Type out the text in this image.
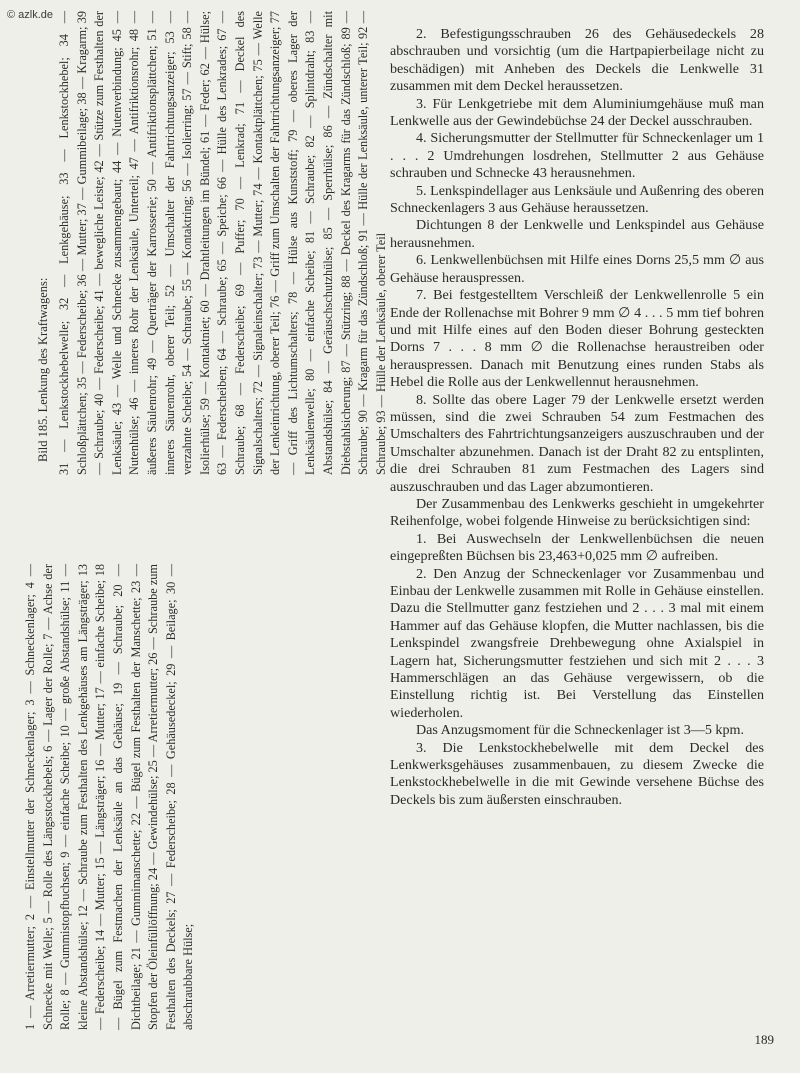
© azlk.de
1 — Arretiermutter; 2 — Einstellmutter der Schneckenlager; 3 — Schneckenlager; 4 — Schnecke mit Welle; 5 — Rolle des Längsstockhebels; 6 — Lager der Rolle; 7 — Achse der Rolle; 8 — Gummistopfbuchsen; 9 — einfache Scheibe; 10 — große Abstandshülse; 11 — kleine Abstandshülse; 12 — Schraube zum Festhalten des Lenkgehäuses am Längsträger; 13 — Federscheibe; 14 — Mutter; 15 — Längsträger; 16 — Mutter; 17 — einfache Scheibe; 18 — Bügel zum Festmachen der Lenksäule an das Gehäuse; 19 — Schraube; 20 — Dichtbeilage; 21 — Gummimanschette; 22 — Bügel zum Festhalten der Manschette; 23 — Stopfen der Öleinfüllöffnung; 24 — Gewindehülse; 25 — Arretiermutter; 26 — Schraube zum Festhalten des Deckels; 27 — Federscheibe; 28 — Gehäusedeckel; 29 — Beilage; 30 — abschraubbare Hülse;
Bild 185. Lenkung des Kraftwagens: 31 — Lenkstockhebelwelle; 32 — Lenkgehäuse; 33 — Lenkstockhebel; 34 — Schloßplättchen; 35 — Federscheibe; 36 — Mutter; 37 — Gummibeilage; 38 — Kragarm; 39 — Schraube; 40 — Federscheibe; 41 — bewegliche Leiste; 42 — Stütze zum Festhalten der Lenksäule; 43 — Welle und Schnecke zusammengebaut; 44 — Nutenverbindung; 45 — Nutenhülse; 46 — inneres Rohr der Lenksäule, Unterteil; 47 — Antifriktionsrohr; 48 — äußeres Säulenrohr; 49 — Querträger der Karrosserie; 50 — Antifriktionsplättchen; 51 — inneres Säurenrohr, oberer Teil; 52 — Umschalter der Fahrtrichtungsanzeiger; 53 — verzahnte Scheibe; 54 — Schraube; 55 — Kontaktring; 56 — Isolierring; 57 — Stift; 58 — Isolierhülse; 59 — Kontaktniet; 60 — Drahtleitungen im Bündel; 61 — Feder; 62 — Hülse; 63 — Federscheiben; 64 — Schraube; 65 — Speiche; 66 — Hülle des Lenkrades; 67 — Schraube; 68 — Federscheibe; 69 — Puffer; 70 — Lenkrad; 71 — Deckel des Signalschalters; 72 — Signaleinschalter; 73 — Mutter; 74 — Kontaktplättchen; 75 — Welle der Lenkeinrichtung, oberer Teil; 76 — Griff zum Umschalten der Fahrtrichtungsanzeiger; 77 — Griff des Lichtumschalters; 78 — Hülse aus Kunststoff; 79 — oberes Lager der Lenksäulenwelle; 80 — einfache Scheibe; 81 — Schraube; 82 — Splintdraht; 83 — Abstandshülse; 84 — Geräuschschutzhülse; 85 — Sperrhülse; 86 — Zündschalter mit Diebstahlsicherung; 87 — Stützring; 88 — Deckel des Kragarms für das Zündschloß; 89 — Schraube; 90 — Kragarm für das Zündschloß; 91 — Hülle der Lenksäule, unterer Teil; 92 — Schraube; 93 — Hülle der Lenksäule, oberer Teil

2. Befestigungsschrauben 26 des Gehäusedeckels 28 abschrauben und vorsichtig (um die Hartpapierbeilage nicht zu beschädigen) mit Anheben des Deckels die Lenkwelle 31 zusammen mit dem Deckel heraussetzen.

3. Für Lenkgetriebe mit dem Aluminiumgehäuse muß man Lenkwelle aus der Gewindebüchse 24 der Deckel ausschrauben.

4. Sicherungsmutter der Stellmutter für Schneckenlager um 1 . . . 2 Umdrehungen losdrehen, Stellmutter 2 aus Gehäuse schrauben und Schnecke 43 herausnehmen.

5. Lenkspindellager aus Lenksäule und Außenring des oberen Schneckenlagers 3 aus Gehäuse heraussetzen.

Dichtungen 8 der Lenkwelle und Lenkspindel aus Gehäuse herausnehmen.

6. Lenkwellenbüchsen mit Hilfe eines Dorns 25,5 mm ∅ aus Gehäuse herauspressen.

7. Bei festgestelltem Verschleiß der Lenkwellenrolle 5 ein Ende der Rollenachse mit Bohrer 9 mm ∅ 4 . . . 5 mm tief bohren und mit Hilfe eines auf den Boden dieser Bohrung gesteckten Dorns 7 . . . 8 mm ∅ die Rollenachse heraustreiben oder herauspressen. Danach mit Benutzung eines runden Stabs als Hebel die Rolle aus der Lenkwellennut herausnehmen.

8. Sollte das obere Lager 79 der Lenkwelle ersetzt werden müssen, sind die zwei Schrauben 54 zum Festmachen des Umschalters des Fahrtrichtungsanzeigers auszuschrauben und der Umschalter abzunehmen. Danach ist der Draht 82 zu entsplinten, die drei Schrauben 81 zum Festmachen des Lagers sind auszuschrauben und das Lager abzumontieren.

Der Zusammenbau des Lenkwerks geschieht in umgekehrter Reihenfolge, wobei folgende Hinweise zu berücksichtigen sind:

1. Bei Auswechseln der Lenkwellenbüchsen die neuen eingepreßten Büchsen bis 23,463+0,025 mm ∅ aufreiben.

2. Den Anzug der Schneckenlager vor Zusammenbau und Einbau der Lenkwelle zusammen mit Rolle in Gehäuse einstellen. Dazu die Stellmutter ganz festziehen und 2 . . . 3 mal mit einem Hammer auf das Gehäuse klopfen, die Mutter nachlassen, bis die Lenkspindel zwangsfreie Drehbewegung ohne Axialspiel in Lagern hat, Sicherungsmutter festziehen und sich mit 2 . . . 3 Hammerschlägen an das Gehäuse vergewissern, ob die Einstellung richtig ist. Bei Verstellung das Einstellen wiederholen.

Das Anzugsmoment für die Schneckenlager ist 3—5 kpm.

3. Die Lenkstockhebelwelle mit dem Deckel des Lenkwerksgehäuses zusammenbauen, zu diesem Zwecke die Lenkstockhebelwelle in die mit Gewinde versehene Büchse des Deckels bis zum äußersten einschrauben.

189
